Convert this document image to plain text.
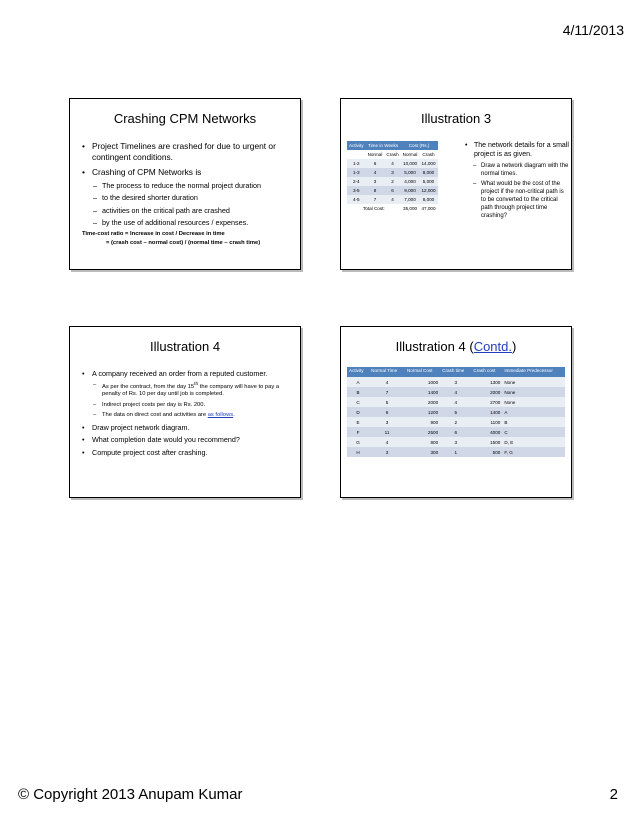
4/11/2013
Crashing CPM Networks
• Project Timelines are crashed for due to urgent or contingent conditions.
• Crashing of CPM Networks is
– The process to reduce the normal project duration
– to the desired shorter duration
– activities on the critical path are crashed
– by the use of additional resources / expenses.
Time-cost ratio = Increase in cost / Decrease in time
= (crash cost – normal cost) / (normal time – crash time)
Illustration 3
Activity	Time in Weeks		Cost (Rs.)	
	Normal	Crash	Normal	Crash
1-2	6	4	10,000	14,000
1-3	4	3	5,000	8,000
2-4	3	2	4,000	5,000
3-5	8	6	9,000	12,000
4-5	7	4	7,000	8,000
Total Cost:			35,000	47,000
• The network details for a small project is as given.
– Draw a network diagram with the normal times.
– What would be the cost of the project if the non-critical path is to be converted to the critical path through project time crashing?
Illustration 4
• A company received an order from a reputed customer.
– As per the contract, from the day 15th the company will have to pay a penalty of Rs. 10 per day until job is completed.
– Indirect project costs per day is Rs. 200.
– The data on direct cost and activities are as follows.
• Draw project network diagram.
• What completion date would you recommend?
• Compute project cost after crashing.
Illustration 4 (Contd.)
Activity	Normal Time	Normal Cost	Crash time	Crash cost	Immediate Predecessor
A	4	1000	3	1300	None
B	7	1400	4	2000	None
C	5	2000	4	2700	None
D	6	1200	5	1400	A
E	3	900	2	1100	B
F	11	2500	6	4000	C
G	4	800	3	1500	D, E
H	3	300	1	500	F, G
© Copyright 2013 Anupam Kumar	2
